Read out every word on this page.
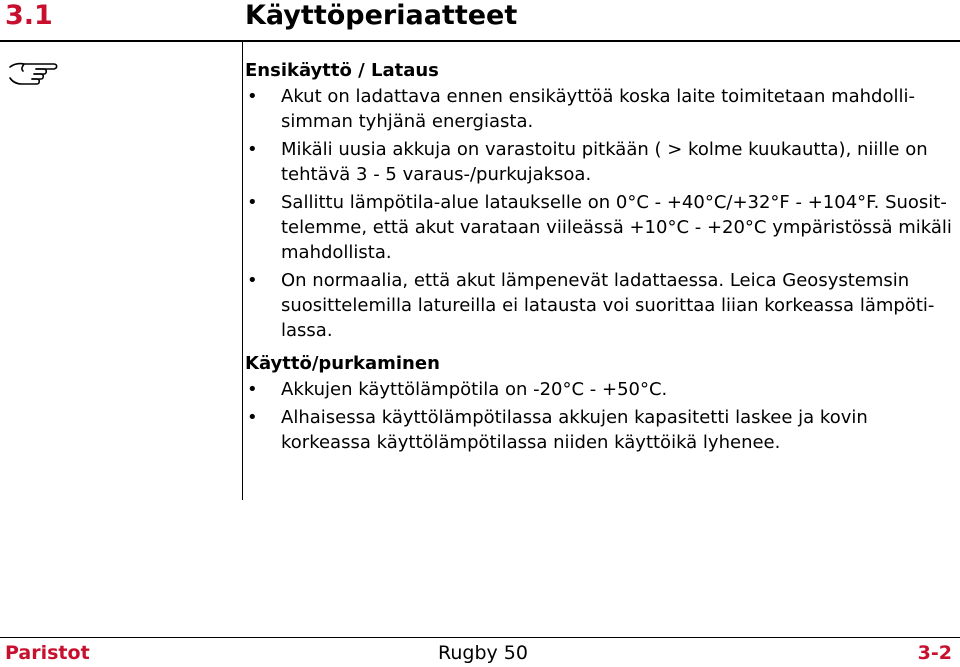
3.1	Käyttöperiaatteet
Ensikäyttö / Lataus
• Akut on ladattava ennen ensikäyttöä koska laite toimitetaan mahdolli- simman tyhjänä energiasta.
• Mikäli uusia akkuja on varastoitu pitkään ( > kolme kuukautta), niille on tehtävä 3 - 5 varaus-/purkujaksoa.
• Sallittu lämpötila-alue lataukselle on 0°C - +40°C/+32°F - +104°F. Suosit- telemme, että akut varataan viileässä +10°C - +20°C ympäristössä mikäli mahdollista.
• On normaalia, että akut lämpenevät ladattaessa. Leica Geosystemsin suosittelemilla latureilla ei latausta voi suorittaa liian korkeassa lämpöti- lassa.
Käyttö/purkaminen
• Akkujen käyttölämpötila on -20°C - +50°C.
• Alhaisessa käyttölämpötilassa akkujen kapasitetti laskee ja kovin korkeassa käyttölämpötilassa niiden käyttöikä lyhenee.
Paristot	Rugby 50	3-2
